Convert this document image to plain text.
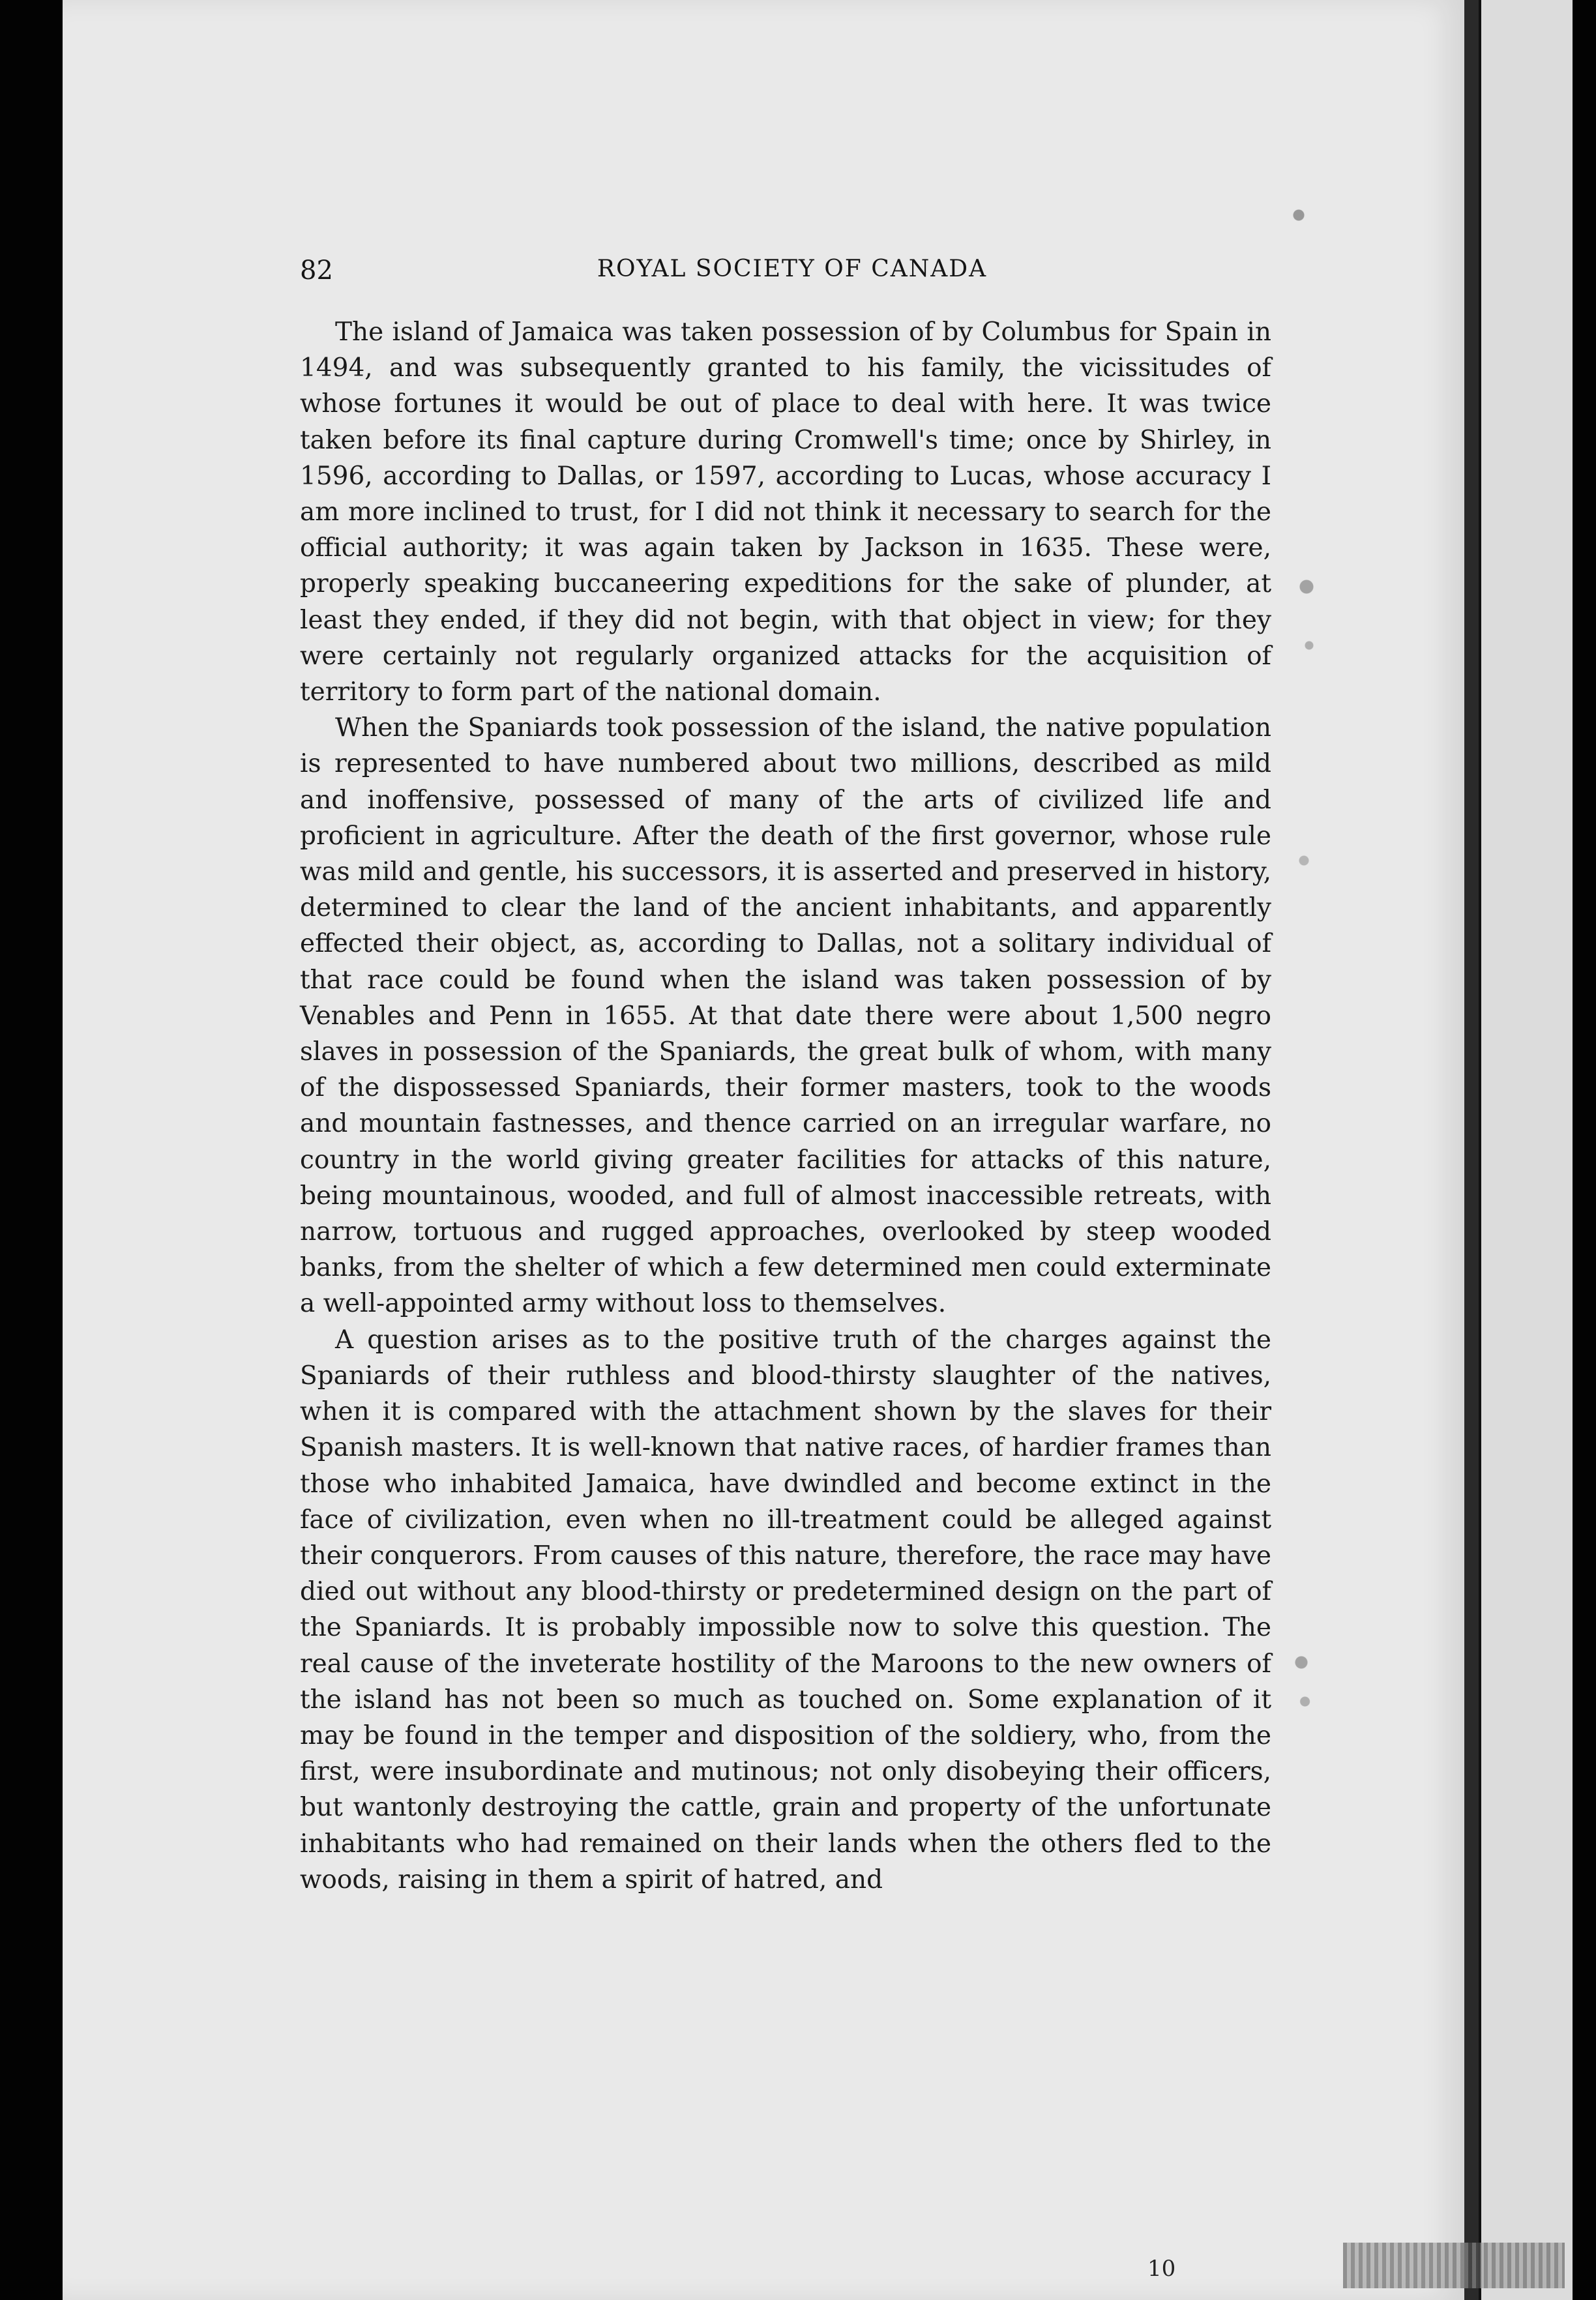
82	ROYAL SOCIETY OF CANADA

The island of Jamaica was taken possession of by Columbus for Spain in 1494, and was subsequently granted to his family, the vicissitudes of whose fortunes it would be out of place to deal with here. It was twice taken before its final capture during Cromwell's time; once by Shirley, in 1596, according to Dallas, or 1597, according to Lucas, whose accuracy I am more inclined to trust, for I did not think it necessary to search for the official authority; it was again taken by Jackson in 1635. These were, properly speaking buccaneering expeditions for the sake of plunder, at least they ended, if they did not begin, with that object in view; for they were certainly not regularly organized attacks for the acquisition of territory to form part of the national domain.

When the Spaniards took possession of the island, the native population is represented to have numbered about two millions, described as mild and inoffensive, possessed of many of the arts of civilized life and proficient in agriculture. After the death of the first governor, whose rule was mild and gentle, his successors, it is asserted and preserved in history, determined to clear the land of the ancient inhabitants, and apparently effected their object, as, according to Dallas, not a solitary individual of that race could be found when the island was taken possession of by Venables and Penn in 1655. At that date there were about 1,500 negro slaves in possession of the Spaniards, the great bulk of whom, with many of the dispossessed Spaniards, their former masters, took to the woods and mountain fastnesses, and thence carried on an irregular warfare, no country in the world giving greater facilities for attacks of this nature, being mountainous, wooded, and full of almost inaccessible retreats, with narrow, tortuous and rugged approaches, overlooked by steep wooded banks, from the shelter of which a few determined men could exterminate a well-appointed army without loss to themselves.

A question arises as to the positive truth of the charges against the Spaniards of their ruthless and blood-thirsty slaughter of the natives, when it is compared with the attachment shown by the slaves for their Spanish masters. It is well-known that native races, of hardier frames than those who inhabited Jamaica, have dwindled and become extinct in the face of civilization, even when no ill-treatment could be alleged against their conquerors. From causes of this nature, therefore, the race may have died out without any blood-thirsty or predetermined design on the part of the Spaniards. It is probably impossible now to solve this question. The real cause of the inveterate hostility of the Maroons to the new owners of the island has not been so much as touched on. Some explanation of it may be found in the temper and disposition of the soldiery, who, from the first, were insubordinate and mutinous; not only disobeying their officers, but wantonly destroying the cattle, grain and property of the unfortunate inhabitants who had remained on their lands when the others fled to the woods, raising in them a spirit of hatred, and

10
